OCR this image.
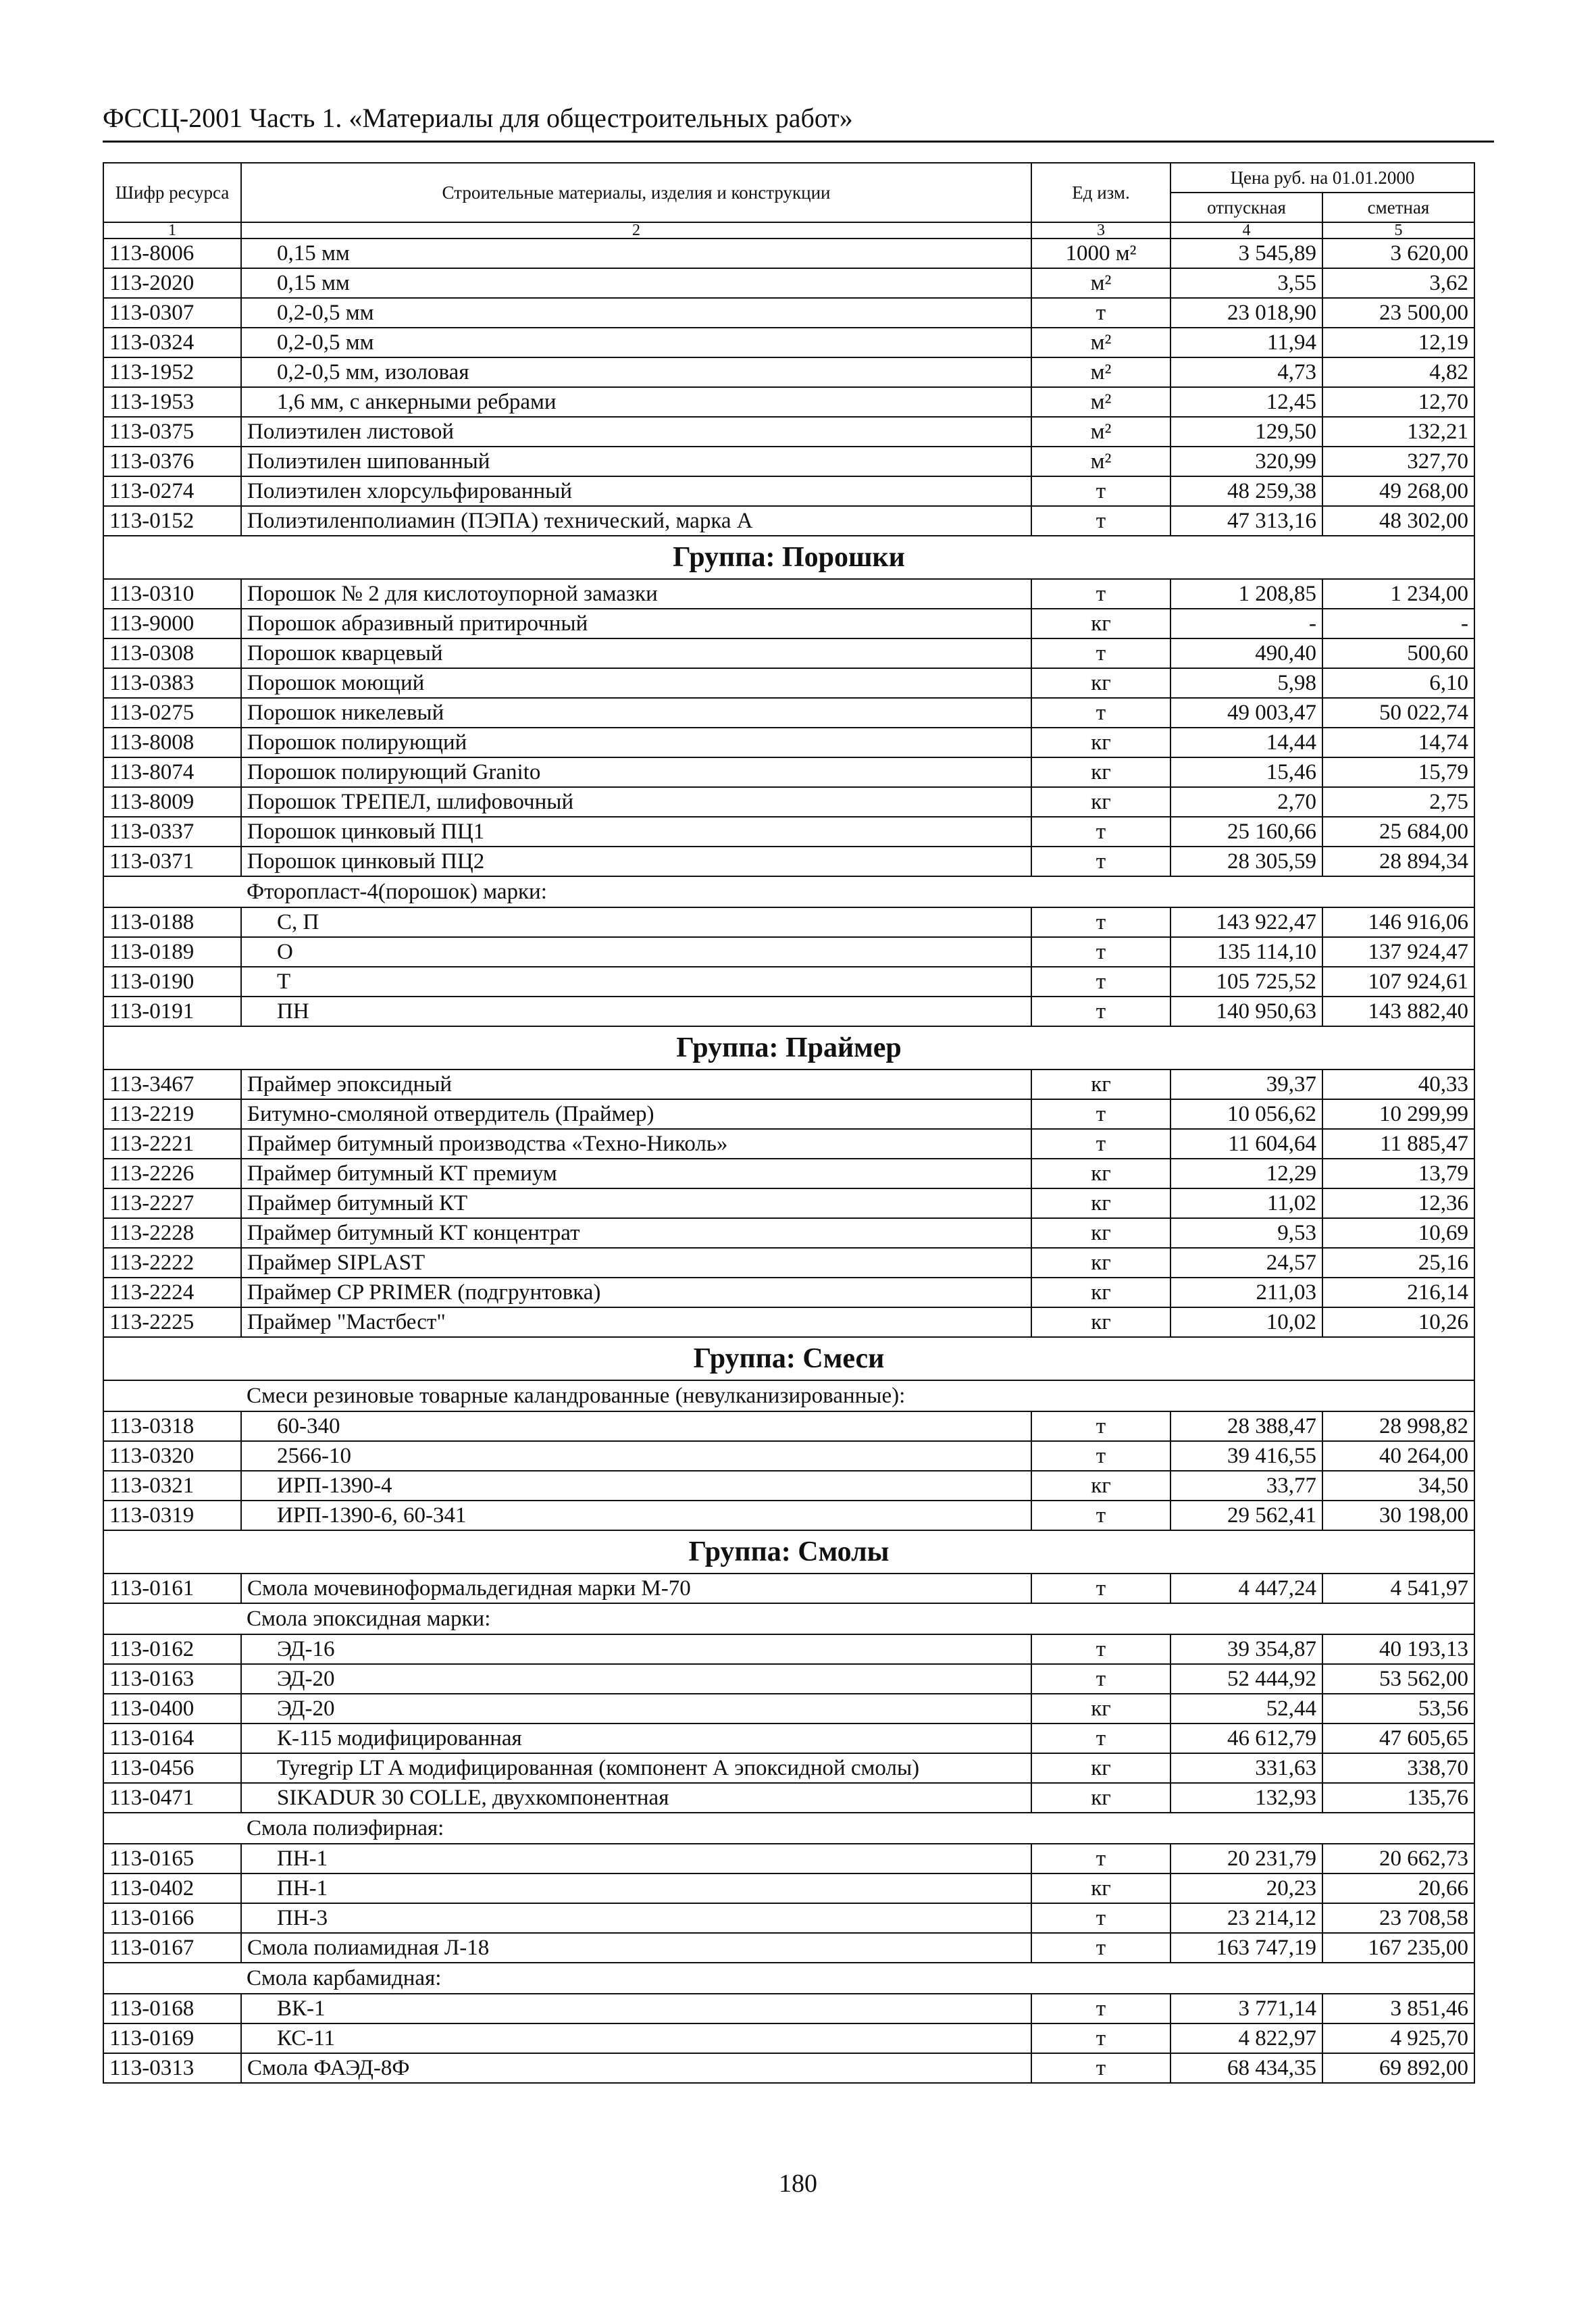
ФССЦ-2001 Часть 1. «Материалы для общестроительных работ»
Шифр ресурса	Строительные материалы, изделия и конструкции	Ед изм.	Цена руб. на 01.01.2000	
			отпускная	сметная
1	2	3	4	5
113-8006	0,15 мм	1000 м²	3 545,89	3 620,00
113-2020	0,15 мм	м²	3,55	3,62
113-0307	0,2-0,5 мм	т	23 018,90	23 500,00
113-0324	0,2-0,5 мм	м²	11,94	12,19
113-1952	0,2-0,5 мм, изоловая	м²	4,73	4,82
113-1953	1,6 мм, с анкерными ребрами	м²	12,45	12,70
113-0375	Полиэтилен листовой	м²	129,50	132,21
113-0376	Полиэтилен шипованный	м²	320,99	327,70
113-0274	Полиэтилен хлорсульфированный	т	48 259,38	49 268,00
113-0152	Полиэтиленполиамин (ПЭПА) технический, марка А	т	47 313,16	48 302,00
Группа: Порошки				
113-0310	Порошок № 2 для кислотоупорной замазки	т	1 208,85	1 234,00
113-9000	Порошок абразивный притирочный	кг	-	-
113-0308	Порошок кварцевый	т	490,40	500,60
113-0383	Порошок моющий	кг	5,98	6,10
113-0275	Порошок никелевый	т	49 003,47	50 022,74
113-8008	Порошок полирующий	кг	14,44	14,74
113-8074	Порошок полирующий Granito	кг	15,46	15,79
113-8009	Порошок ТРЕПЕЛ, шлифовочный	кг	2,70	2,75
113-0337	Порошок цинковый ПЦ1	т	25 160,66	25 684,00
113-0371	Порошок цинковый ПЦ2	т	28 305,59	28 894,34
	Фторопласт-4(порошок) марки:			
113-0188	С, П	т	143 922,47	146 916,06
113-0189	О	т	135 114,10	137 924,47
113-0190	Т	т	105 725,52	107 924,61
113-0191	ПН	т	140 950,63	143 882,40
Группа: Праймер				
113-3467	Праймер эпоксидный	кг	39,37	40,33
113-2219	Битумно-смоляной отвердитель (Праймер)	т	10 056,62	10 299,99
113-2221	Праймер битумный производства «Техно-Николь»	т	11 604,64	11 885,47
113-2226	Праймер битумный КТ премиум	кг	12,29	13,79
113-2227	Праймер битумный КТ	кг	11,02	12,36
113-2228	Праймер битумный КТ концентрат	кг	9,53	10,69
113-2222	Праймер SIPLAST	кг	24,57	25,16
113-2224	Праймер CP PRIMER (подгрунтовка)	кг	211,03	216,14
113-2225	Праймер "Мастбест"	кг	10,02	10,26
Группа: Смеси				
	Смеси резиновые товарные каландрованные (невулканизированные):			
113-0318	60-340	т	28 388,47	28 998,82
113-0320	2566-10	т	39 416,55	40 264,00
113-0321	ИРП-1390-4	кг	33,77	34,50
113-0319	ИРП-1390-6, 60-341	т	29 562,41	30 198,00
Группа: Смолы				
113-0161	Смола мочевиноформальдегидная марки М-70	т	4 447,24	4 541,97
	Смола эпоксидная марки:			
113-0162	ЭД-16	т	39 354,87	40 193,13
113-0163	ЭД-20	т	52 444,92	53 562,00
113-0400	ЭД-20	кг	52,44	53,56
113-0164	К-115 модифицированная	т	46 612,79	47 605,65
113-0456	Tyregrip LT A модифицированная (компонент А эпоксидной смолы)	кг	331,63	338,70
113-0471	SIKADUR 30 COLLE, двухкомпонентная	кг	132,93	135,76
	Смола полиэфирная:			
113-0165	ПН-1	т	20 231,79	20 662,73
113-0402	ПН-1	кг	20,23	20,66
113-0166	ПН-3	т	23 214,12	23 708,58
113-0167	Смола полиамидная Л-18	т	163 747,19	167 235,00
	Смола карбамидная:			
113-0168	ВК-1	т	3 771,14	3 851,46
113-0169	КС-11	т	4 822,97	4 925,70
113-0313	Смола ФАЭД-8Ф	т	68 434,35	69 892,00
180
